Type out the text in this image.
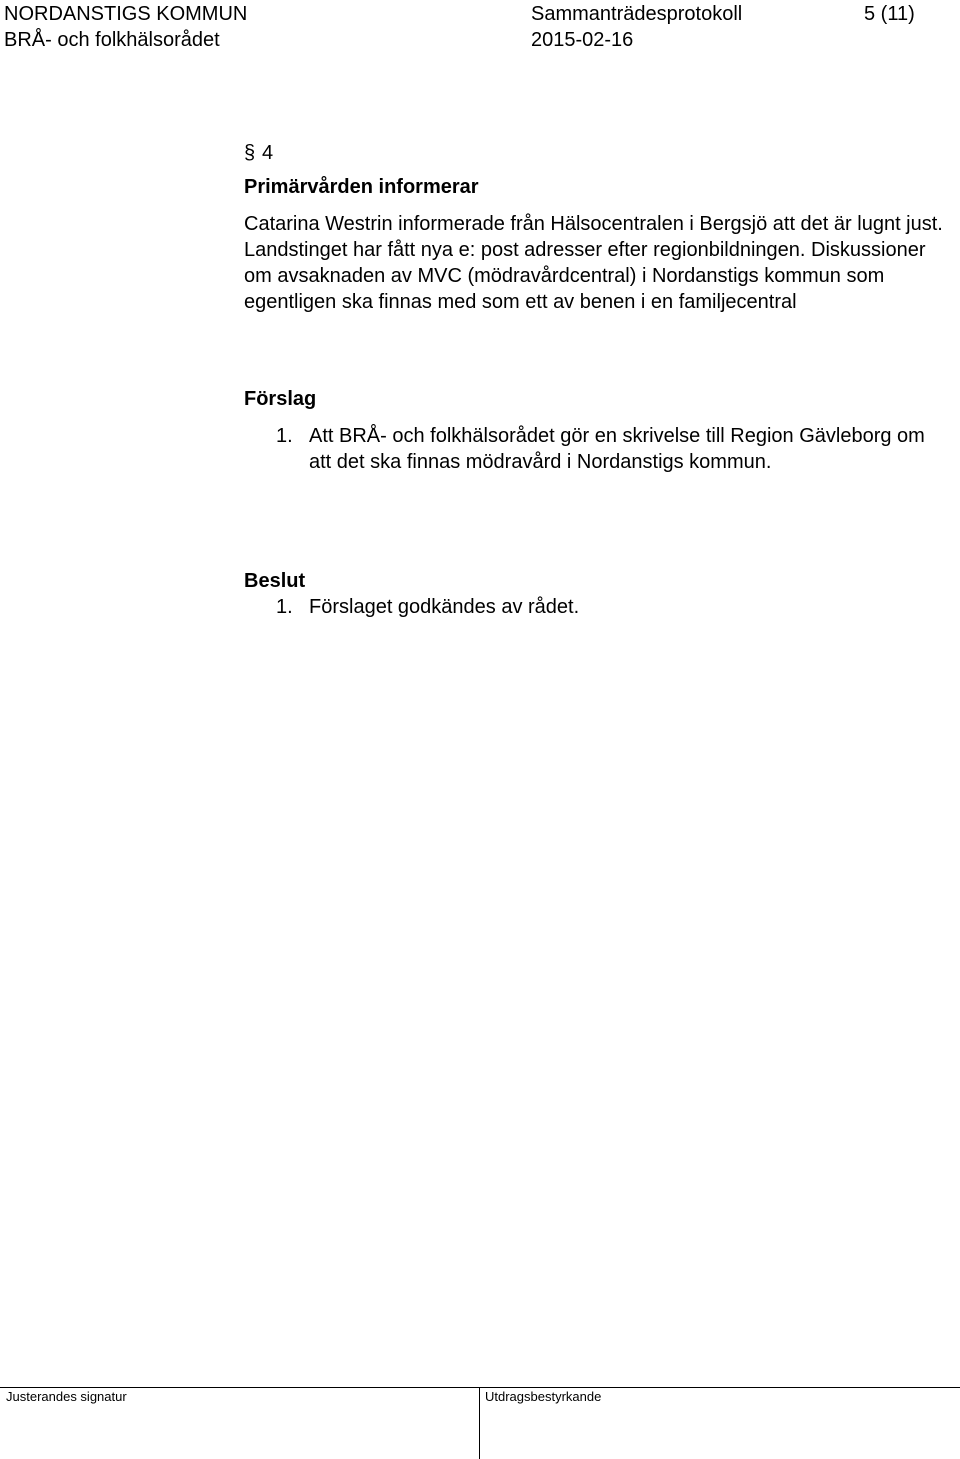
NORDANSTIGS KOMMUN
BRÅ- och folkhälsorådet
Sammanträdesprotokoll
2015-02-16
5 (11)
§ 4
Primärvården informerar

Catarina Westrin informerade från Hälsocentralen i Bergsjö att det är lugnt just. Landstinget har fått nya e: post adresser efter regionbildningen. Diskussioner om avsaknaden av MVC (mödravårdcentral) i Nordanstigs kommun som egentligen ska finnas med som ett av benen i en familjecentral

Förslag
1. Att BRÅ- och folkhälsorådet gör en skrivelse till Region Gävleborg om att det ska finnas mödravård i Nordanstigs kommun.
Beslut
1. Förslaget godkändes av rådet.
Justerandes signatur	Utdragsbestyrkande
